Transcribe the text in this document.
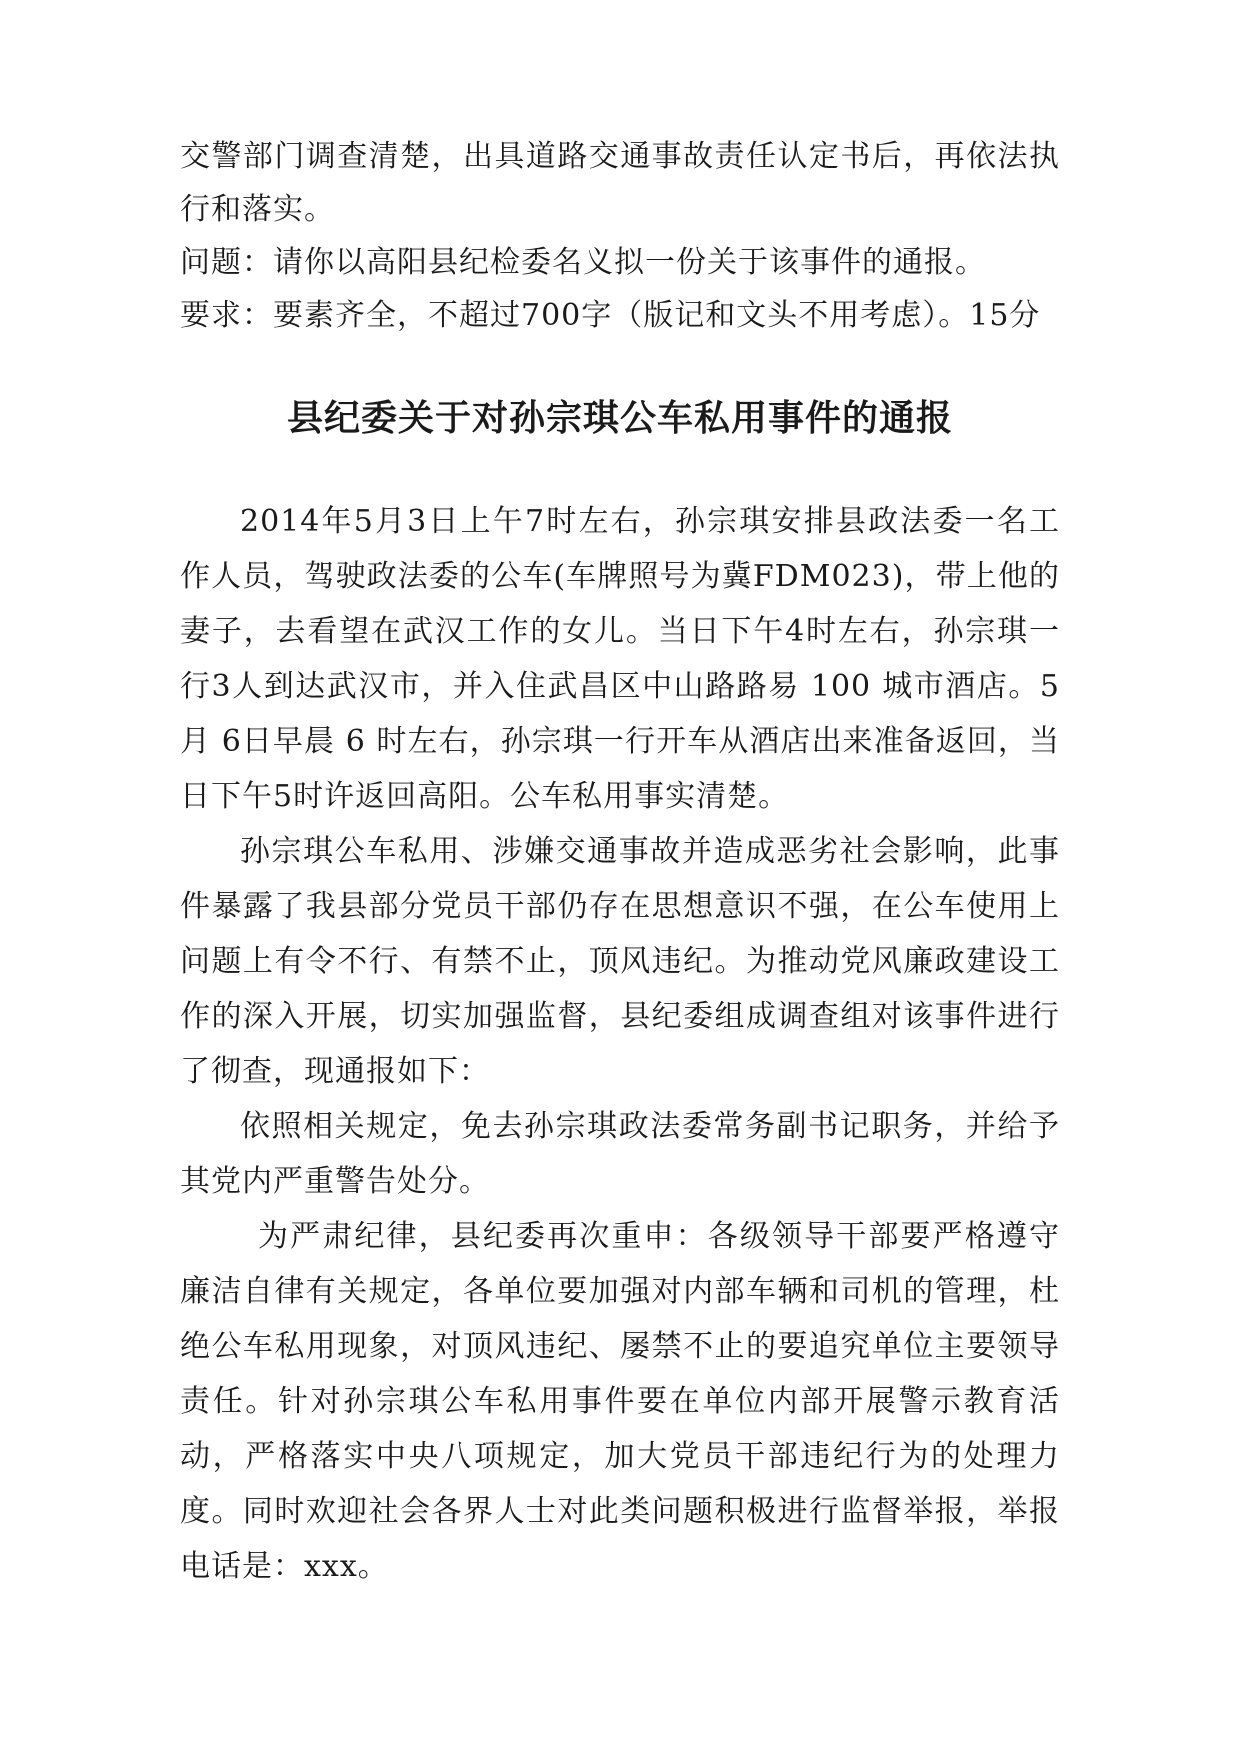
交警部门调查清楚，出具道路交通事故责任认定书后，再依法执行和落实。

问题：请你以高阳县纪检委名义拟一份关于该事件的通报。

要求：要素齐全，不超过700字（版记和文头不用考虑）。15分

县纪委关于对孙宗琪公车私用事件的通报

2014年5月3日上午7时左右，孙宗琪安排县政法委一名工作人员，驾驶政法委的公车(车牌照号为冀FDM023)，带上他的妻子，去看望在武汉工作的女儿。当日下午4时左右，孙宗琪一行3人到达武汉市，并入住武昌区中山路路易 100 城市酒店。5月 6日早晨 6 时左右，孙宗琪一行开车从酒店出来准备返回，当日下午5时许返回高阳。公车私用事实清楚。

孙宗琪公车私用、涉嫌交通事故并造成恶劣社会影响，此事件暴露了我县部分党员干部仍存在思想意识不强，在公车使用上问题上有令不行、有禁不止，顶风违纪。为推动党风廉政建设工作的深入开展，切实加强监督，县纪委组成调查组对该事件进行了彻查，现通报如下：

依照相关规定，免去孙宗琪政法委常务副书记职务，并给予其党内严重警告处分。

为严肃纪律，县纪委再次重申：各级领导干部要严格遵守廉洁自律有关规定，各单位要加强对内部车辆和司机的管理，杜绝公车私用现象，对顶风违纪、屡禁不止的要追究单位主要领导责任。针对孙宗琪公车私用事件要在单位内部开展警示教育活动，严格落实中央八项规定，加大党员干部违纪行为的处理力度。同时欢迎社会各界人士对此类问题积极进行监督举报，举报电话是：xxx。
